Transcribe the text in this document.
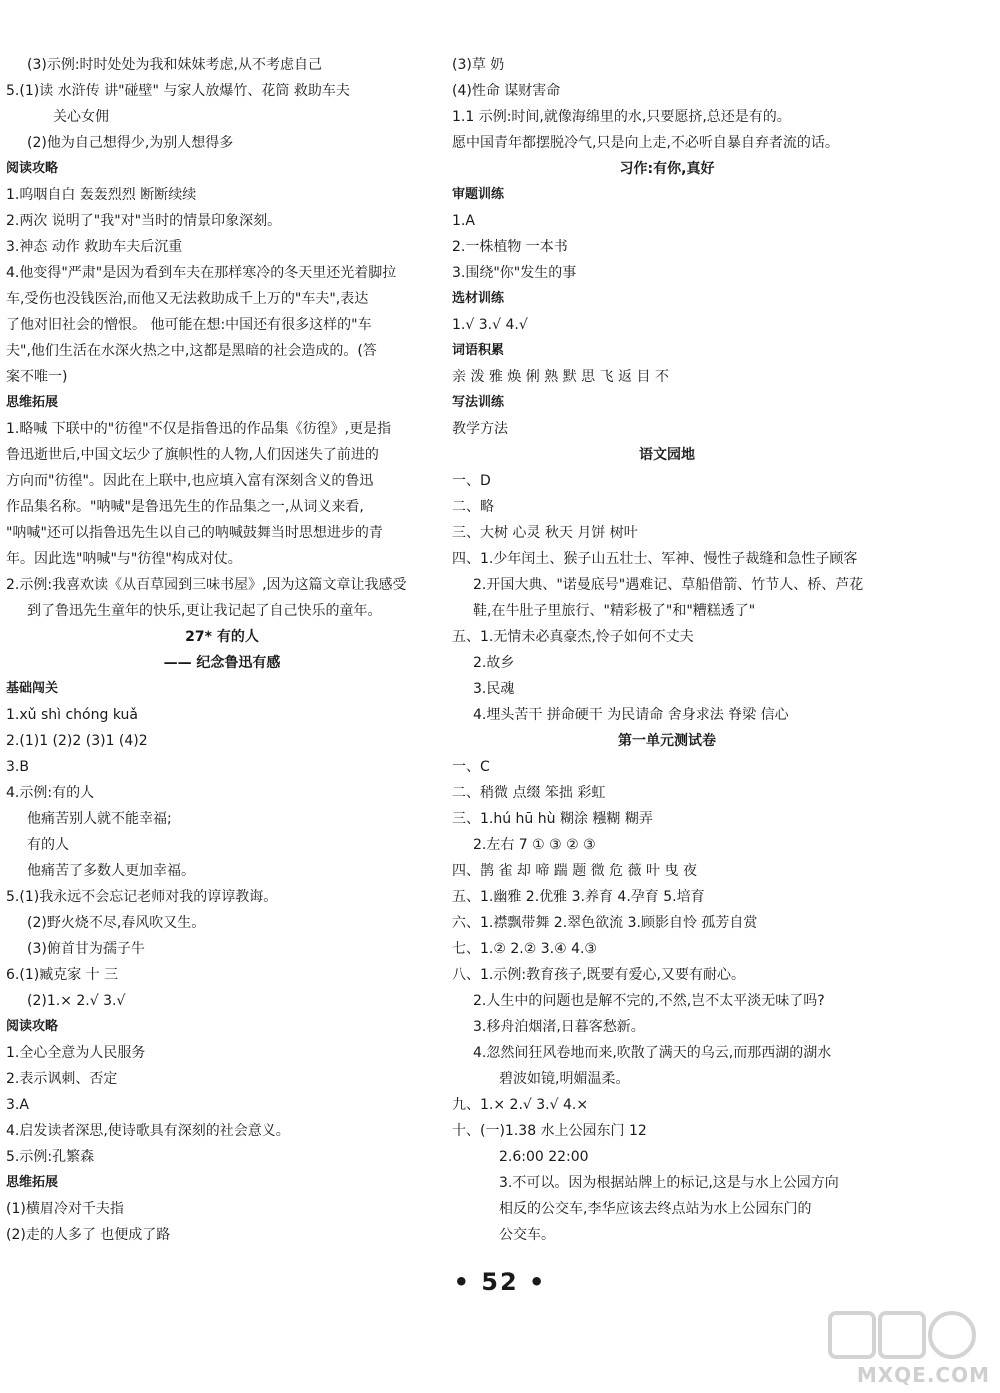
(3)示例:时时处处为我和妹妹考虑,从不考虑自己
5.(1)读 水浒传 讲"碰壁" 与家人放爆竹、花筒 救助车夫
关心女佣
(2)他为自己想得少,为别人想得多
阅读攻略
1.呜咽自白 轰轰烈烈 断断续续
2.两次 说明了"我"对"当时的情景印象深刻。
3.神态 动作 救助车夫后沉重
4.他变得"严肃"是因为看到车夫在那样寒冷的冬天里还光着脚拉
车,受伤也没钱医治,而他又无法救助成千上万的"车夫",表达
了他对旧社会的憎恨。 他可能在想:中国还有很多这样的"车
夫",他们生活在水深火热之中,这都是黑暗的社会造成的。(答
案不唯一)
思维拓展
1.略喊 下联中的"彷徨"不仅是指鲁迅的作品集《彷徨》,更是指
鲁迅逝世后,中国文坛少了旗帜性的人物,人们因迷失了前进的
方向而"彷徨"。因此在上联中,也应填入富有深刻含义的鲁迅
作品集名称。"呐喊"是鲁迅先生的作品集之一,从词义来看,
"呐喊"还可以指鲁迅先生以自己的呐喊鼓舞当时思想进步的青
年。因此选"呐喊"与"彷徨"构成对仗。
2.示例:我喜欢读《从百草园到三味书屋》,因为这篇文章让我感受
到了鲁迅先生童年的快乐,更让我记起了自己快乐的童年。
27* 有的人
—— 纪念鲁迅有感
基础闯关
1.xǔ shì chóng kuǎ
2.(1)1 (2)2 (3)1 (4)2
3.B
4.示例:有的人
他痛苦别人就不能幸福;
有的人
他痛苦了多数人更加幸福。
5.(1)我永远不会忘记老师对我的谆谆教诲。
(2)野火烧不尽,春风吹又生。
(3)俯首甘为孺子牛
6.(1)臧克家 十 三
(2)1.× 2.√ 3.√
阅读攻略
1.全心全意为人民服务
2.表示讽刺、否定
3.A
4.启发读者深思,使诗歌具有深刻的社会意义。
5.示例:孔繁森
思维拓展
(1)横眉冷对千夫指
(2)走的人多了 也便成了路
(3)草 奶
(4)性命 谋财害命
1.1 示例:时间,就像海绵里的水,只要愿挤,总还是有的。
愿中国青年都摆脱冷气,只是向上走,不必听自暴自弃者流的话。
习作:有你,真好
审题训练
1.A
2.一株植物 一本书
3.围绕"你"发生的事
选材训练
1.√ 3.√ 4.√
词语积累
亲 泼 雅 焕 俐 熟 默 思 飞 返 目 不
写法训练
教学方法
语文园地
一、D
二、略
三、大树 心灵 秋天 月饼 树叶
四、1.少年闰土、猴子山五壮士、军神、慢性子裁缝和急性子顾客
2.开国大典、"诺曼底号"遇难记、草船借箭、竹节人、桥、芦花
鞋,在牛肚子里旅行、"精彩极了"和"糟糕透了"
五、1.无情未必真豪杰,怜子如何不丈夫
2.故乡
3.民魂
4.埋头苦干 拼命硬干 为民请命 舍身求法 脊梁 信心
第一单元测试卷
一、C
二、稍微 点缀 笨拙 彩虹
三、1.hú hū hù 糊涂 糨糊 糊弄
2.左右 7 ① ③ ② ③
四、鹊 雀 却 啼 踹 题 微 危 薇 叶 曳 夜
五、1.幽雅 2.优雅 3.养育 4.孕育 5.培育
六、1.襟飘带舞 2.翠色欲流 3.顾影自怜 孤芳自赏
七、1.② 2.② 3.④ 4.③
八、1.示例:教育孩子,既要有爱心,又要有耐心。
2.人生中的问题也是解不完的,不然,岂不太平淡无味了吗?
3.移舟泊烟渚,日暮客愁新。
4.忽然间狂风卷地而来,吹散了满天的乌云,而那西湖的湖水
碧波如镜,明媚温柔。
九、1.× 2.√ 3.√ 4.×
十、(一)1.38 水上公园东门 12
2.6:00 22:00
3.不可以。因为根据站牌上的标记,这是与水上公园方向
相反的公交车,李华应该去终点站为水上公园东门的
公交车。
• 52 •
MXQE.COM
